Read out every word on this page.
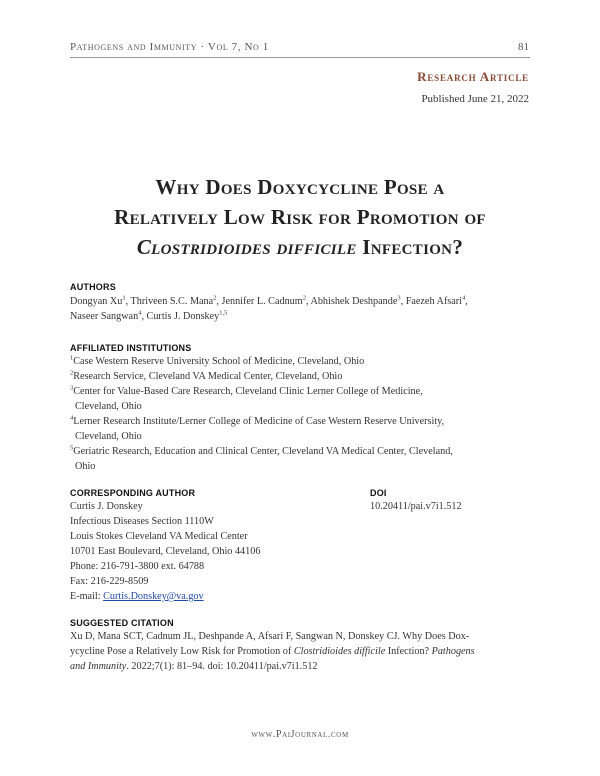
Pathogens and Immunity · Vol 7, No 1	81
Research Article
Published June 21, 2022
Why Does Doxycycline Pose a
Relatively Low Risk for Promotion of
Clostridioides difficile Infection?
AUTHORS
Dongyan Xu$^1$, Thriveen S.C. Mana$^2$, Jennifer L. Cadnum$^2$, Abhishek Deshpande$^3$, Faezeh Afsari$^4$,
Naseer Sangwan$^4$, Curtis J. Donskey$^{1,5}$
AFFILIATED INSTITUTIONS
$^1$Case Western Reserve University School of Medicine, Cleveland, Ohio
$^2$Research Service, Cleveland VA Medical Center, Cleveland, Ohio
$^3$Center for Value-Based Care Research, Cleveland Clinic Lerner College of Medicine,
Cleveland, Ohio
$^4$Lerner Research Institute/Lerner College of Medicine of Case Western Reserve University,
Cleveland, Ohio
$^5$Geriatric Research, Education and Clinical Center, Cleveland VA Medical Center, Cleveland,
Ohio
CORRESPONDING AUTHOR
Curtis J. Donskey
Infectious Diseases Section 1110W
Louis Stokes Cleveland VA Medical Center
10701 East Boulevard, Cleveland, Ohio 44106
Phone: 216-791-3800 ext. 64788
Fax: 216-229-8509
E-mail: Curtis.Donskey@va.gov
DOI
10.20411/pai.v7i1.512
SUGGESTED CITATION
Xu D, Mana SCT, Cadnum JL, Deshpande A, Afsari F, Sangwan N, Donskey CJ. Why Does Dox-
ycycline Pose a Relatively Low Risk for Promotion of Clostridioides difficile Infection? Pathogens
and Immunity. 2022;7(1): 81–94. doi: 10.20411/pai.v7i1.512
www.PaiJournal.com
